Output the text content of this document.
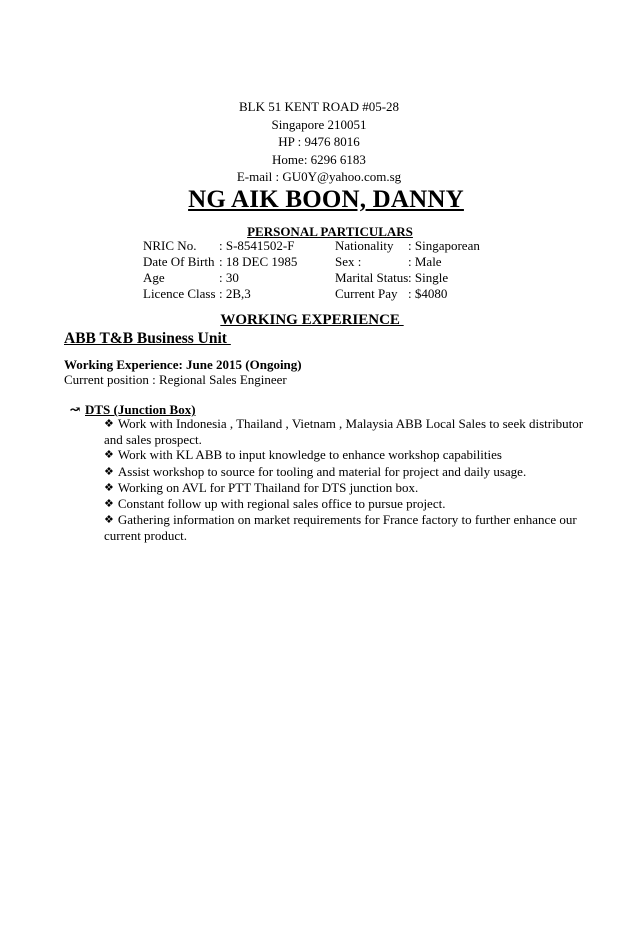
BLK 51 KENT ROAD #05-28
Singapore 210051
HP : 9476 8016
Home: 6296 6183
E-mail : GU0Y@yahoo.com.sg
NG AIK BOON, DANNY
PERSONAL PARTICULARS
NRIC No. : S-8541502-F	Nationality : Singaporean
Date Of Birth : 18 DEC 1985	Sex :	: Male
Age	: 30	Marital Status : Single
Licence Class : 2B,3	Current Pay : $4080
WORKING EXPERIENCE
ABB T&B Business Unit
Working Experience: June 2015 (Ongoing)
Current position : Regional Sales Engineer
↝ DTS (Junction Box)

❖ Work with Indonesia , Thailand , Vietnam , Malaysia ABB Local Sales to seek distributor and sales prospect.

❖ Work with KL ABB to input knowledge to enhance workshop capabilities

❖ Assist workshop to source for tooling and material for project and daily usage.

❖ Working on AVL for PTT Thailand for DTS junction box.

❖ Constant follow up with regional sales office to pursue project.

❖ Gathering information on market requirements for France factory to further enhance our current product.
